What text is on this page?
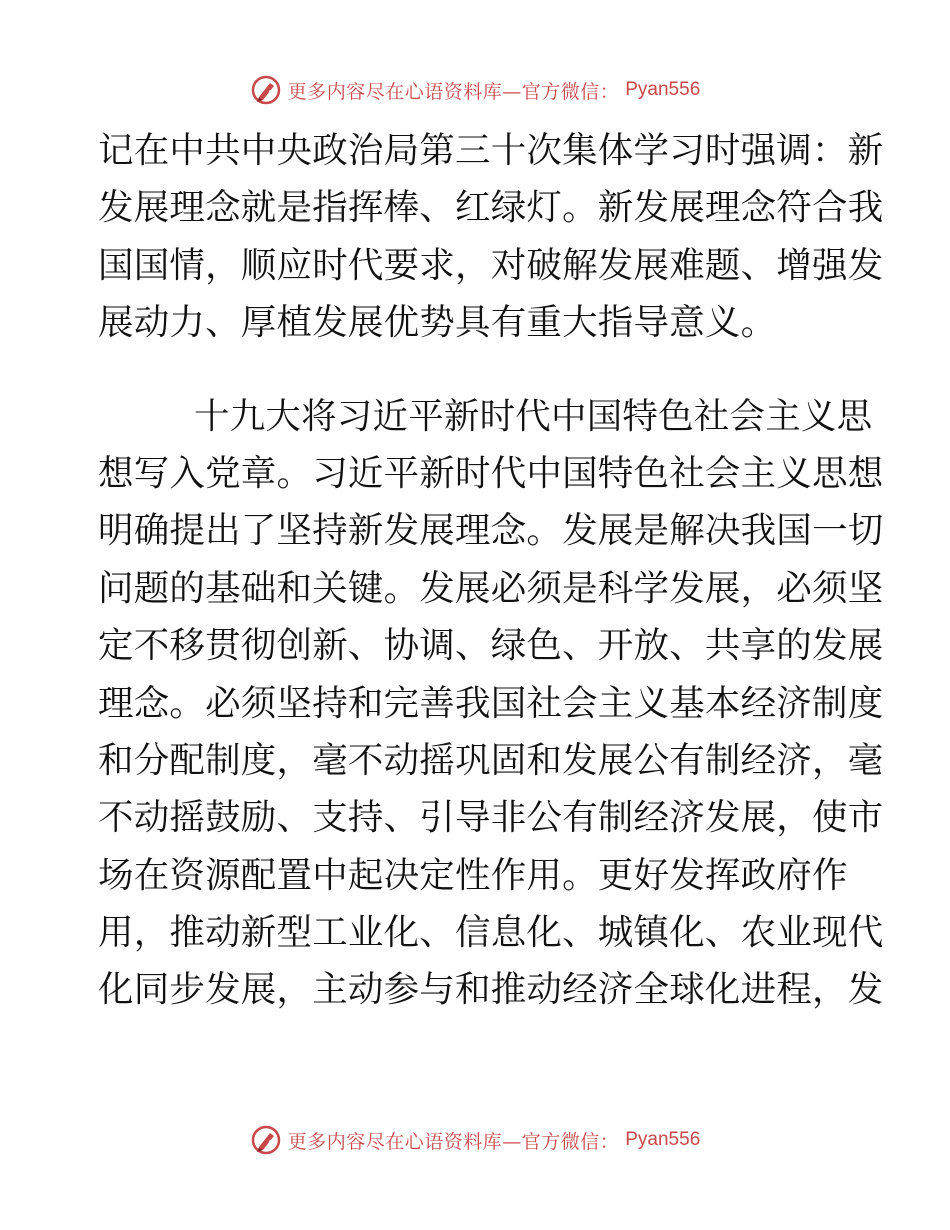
更多内容尽在心语资料库—官方微信： Pyan556
记在中共中央政治局第三十次集体学习时强调：新
发展理念就是指挥棒、红绿灯。新发展理念符合我
国国情，顺应时代要求，对破解发展难题、增强发
展动力、厚植发展优势具有重大指导意义。
十九大将习近平新时代中国特色社会主义思
想写入党章。习近平新时代中国特色社会主义思想
明确提出了坚持新发展理念。发展是解决我国一切
问题的基础和关键。发展必须是科学发展，必须坚
定不移贯彻创新、协调、绿色、开放、共享的发展
理念。必须坚持和完善我国社会主义基本经济制度
和分配制度，毫不动摇巩固和发展公有制经济，毫
不动摇鼓励、支持、引导非公有制经济发展，使市
场在资源配置中起决定性作用。更好发挥政府作
用，推动新型工业化、信息化、城镇化、农业现代
化同步发展，主动参与和推动经济全球化进程，发
更多内容尽在心语资料库—官方微信： Pyan556
